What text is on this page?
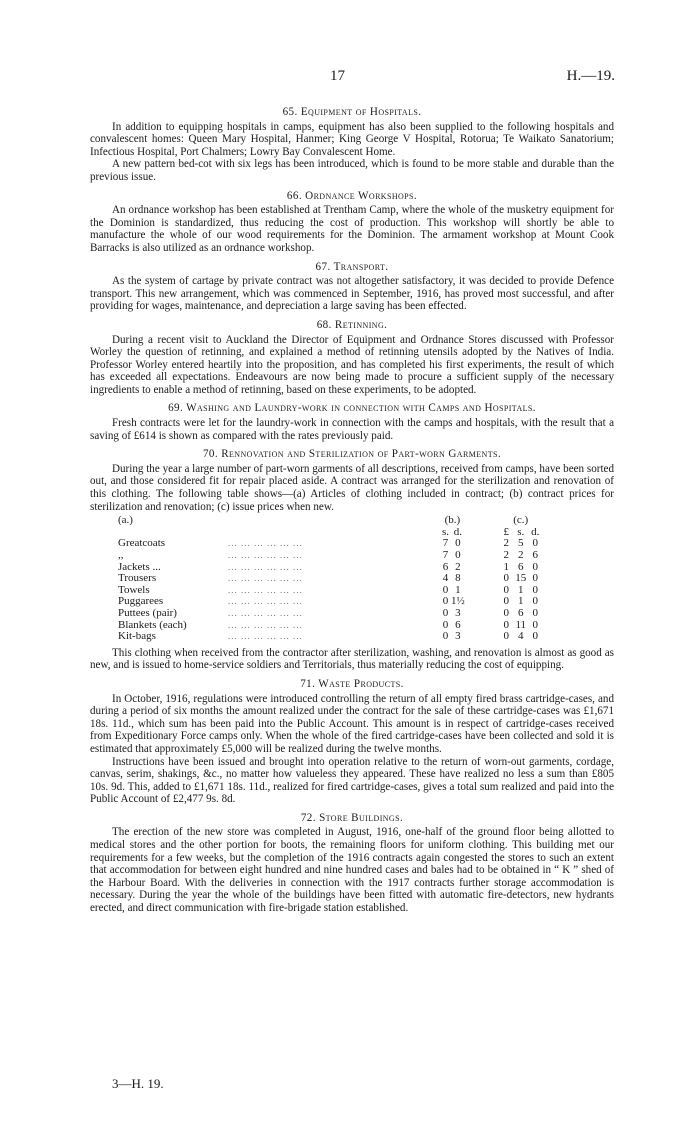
17	H.—19.
65. Equipment of Hospitals.

In addition to equipping hospitals in camps, equipment has also been supplied to the following hospitals and convalescent homes: Queen Mary Hospital, Hanmer; King George V Hospital, Rotorua; Te Waikato Sanatorium; Infectious Hospital, Port Chalmers; Lowry Bay Convalescent Home.

A new pattern bed-cot with six legs has been introduced, which is found to be more stable and durable than the previous issue.

66. Ordnance Workshops.

An ordnance workshop has been established at Trentham Camp, where the whole of the musketry equipment for the Dominion is standardized, thus reducing the cost of production. This workshop will shortly be able to manufacture the whole of our wood requirements for the Dominion. The armament workshop at Mount Cook Barracks is also utilized as an ordnance workshop.

67. Transport.

As the system of cartage by private contract was not altogether satisfactory, it was decided to provide Defence transport. This new arrangement, which was commenced in September, 1916, has proved most successful, and after providing for wages, maintenance, and depreciation a large saving has been effected.

68. Retinning.

During a recent visit to Auckland the Director of Equipment and Ordnance Stores discussed with Professor Worley the question of retinning, and explained a method of retinning utensils adopted by the Natives of India. Professor Worley entered heartily into the proposition, and has completed his first experiments, the result of which has exceeded all expectations. Endeavours are now being made to procure a sufficient supply of the necessary ingredients to enable a method of retinning, based on these experiments, to be adopted.

69. Washing and Laundry-work in connection with Camps and Hospitals.

Fresh contracts were let for the laundry-work in connection with the camps and hospitals, with the result that a saving of £614 is shown as compared with the rates previously paid.

70. Rennovation and Sterilization of Part-worn Garments.

During the year a large number of part-worn garments of all descriptions, received from camps, have been sorted out, and those considered fit for repair placed aside. A contract was arranged for the sterilization and renovation of this clothing. The following table shows—(a) Articles of clothing included in contract; (b) contract prices for sterilization and renovation; (c) issue prices when new.

(a.)		(b.)			(c.)		
		s.	d.		£	s.	d.
Greatcoats	... ... ... ... ... ...	7	0		2	5	0
,,	... ... ... ... ... ...	7	0		2	2	6
Jackets ...	... ... ... ... ... ...	6	2		1	6	0
Trousers	... ... ... ... ... ...	4	8		0	15	0
Towels	... ... ... ... ... ...	0	1		0	1	0
Puggarees	... ... ... ... ... ...	0	1½		0	1	0
Puttees (pair)	... ... ... ... ... ...	0	3		0	6	0
Blankets (each)	... ... ... ... ... ...	0	6		0	11	0
Kit-bags	... ... ... ... ... ...	0	3		0	4	0

This clothing when received from the contractor after sterilization, washing, and renovation is almost as good as new, and is issued to home-service soldiers and Territorials, thus materially reducing the cost of equipping.

71. Waste Products.

In October, 1916, regulations were introduced controlling the return of all empty fired brass cartridge-cases, and during a period of six months the amount realized under the contract for the sale of these cartridge-cases was £1,671 18s. 11d., which sum has been paid into the Public Account. This amount is in respect of cartridge-cases received from Expeditionary Force camps only. When the whole of the fired cartridge-cases have been collected and sold it is estimated that approximately £5,000 will be realized during the twelve months.

Instructions have been issued and brought into operation relative to the return of worn-out garments, cordage, canvas, serim, shakings, &c., no matter how valueless they appeared. These have realized no less a sum than £805 10s. 9d. This, added to £1,671 18s. 11d., realized for fired cartridge-cases, gives a total sum realized and paid into the Public Account of £2,477 9s. 8d.

72. Store Buildings.

The erection of the new store was completed in August, 1916, one-half of the ground floor being allotted to medical stores and the other portion for boots, the remaining floors for uniform clothing. This building met our requirements for a few weeks, but the completion of the 1916 contracts again congested the stores to such an extent that accommodation for between eight hundred and nine hundred cases and bales had to be obtained in “ K ” shed of the Harbour Board. With the deliveries in connection with the 1917 contracts further storage accommodation is necessary. During the year the whole of the buildings have been fitted with automatic fire-detectors, new hydrants erected, and direct communication with fire-brigade station established.

3—H. 19.
